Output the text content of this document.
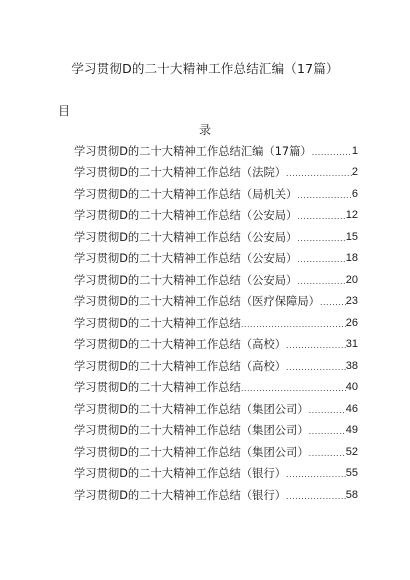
学习贯彻D的二十大精神工作总结汇编（17篇）
目
录
学习贯彻D的二十大精神工作总结汇编（17篇） .....	1
学习贯彻D的二十大精神工作总结（法院） .....	2
学习贯彻D的二十大精神工作总结（局机关） .....	6
学习贯彻D的二十大精神工作总结（公安局） .....	12
学习贯彻D的二十大精神工作总结（公安局） .....	15
学习贯彻D的二十大精神工作总结（公安局） .....	18
学习贯彻D的二十大精神工作总结（公安局） .....	20
学习贯彻D的二十大精神工作总结（医疗保障局） ..... 23
学习贯彻D的二十大精神工作总结 .....	26
学习贯彻D的二十大精神工作总结（高校） .....	31
学习贯彻D的二十大精神工作总结（高校） .....	38
学习贯彻D的二十大精神工作总结 .....	40
学习贯彻D的二十大精神工作总结（集团公司） .....	46
学习贯彻D的二十大精神工作总结（集团公司） .....	49
学习贯彻D的二十大精神工作总结（集团公司） .....	52
学习贯彻D的二十大精神工作总结（银行） .....	55
学习贯彻D的二十大精神工作总结（银行） .....	58
